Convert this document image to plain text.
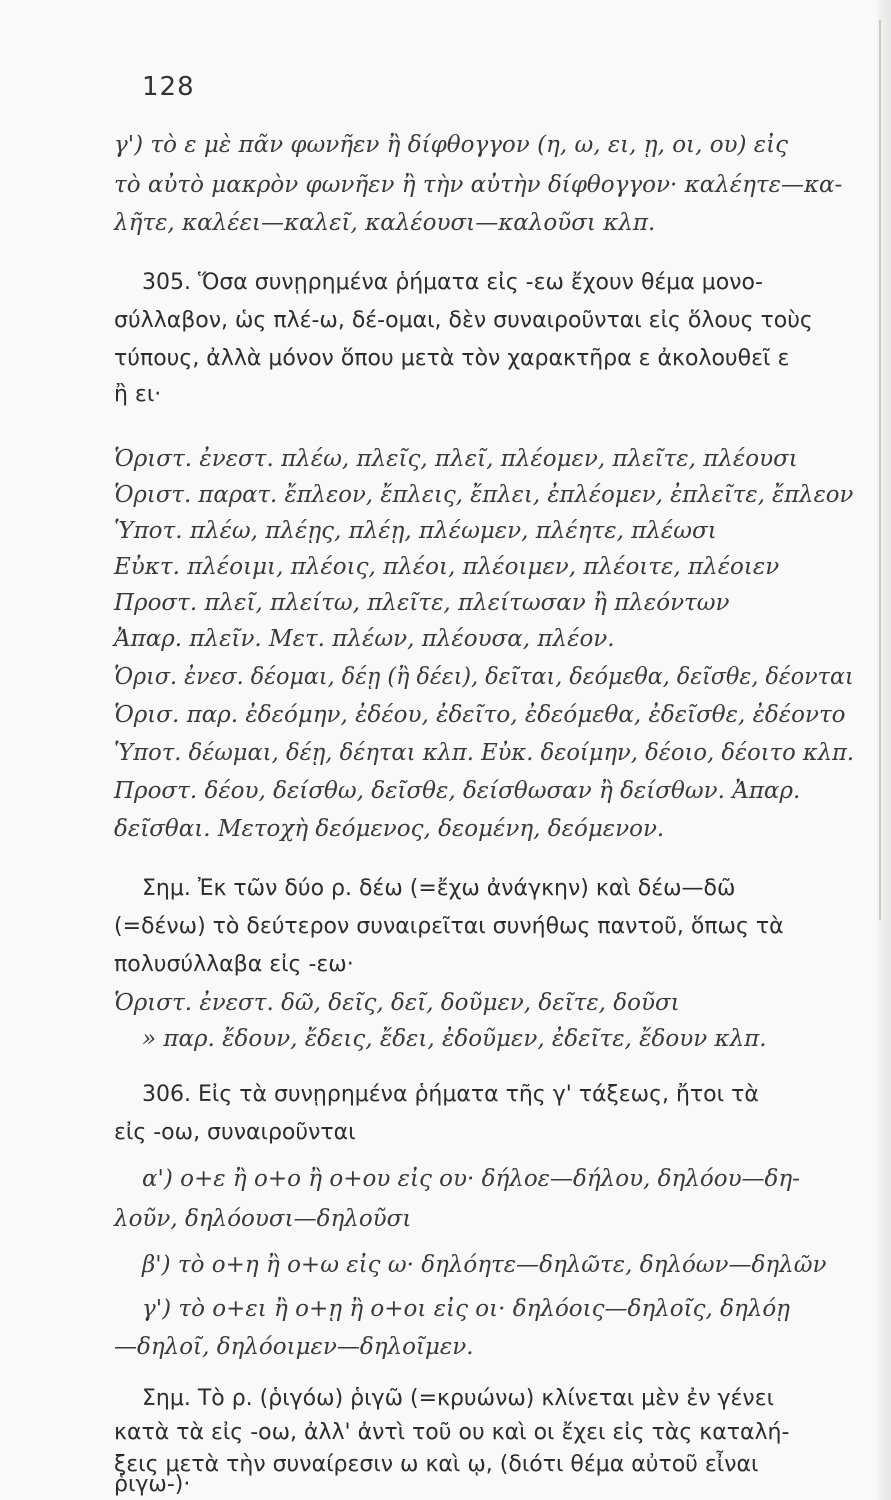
128
γ') τὸ ε μὲ πᾶν φωνῆεν ἢ δίφθογγον (η, ω, ει, ῃ, οι, ου) εἰς
τὸ αὐτὸ μακρὸν φωνῆεν ἢ τὴν αὐτὴν δίφθογγον· καλέητε—κα-
λῆτε, καλέει—καλεῖ, καλέουσι—καλοῦσι κλπ.
305. Ὅσα συνῃρημένα ῥήματα εἰς -εω ἔχουν θέμα μονο-
σύλλαβον, ὡς πλέ-ω, δέ-ομαι, δὲν συναιροῦνται εἰς ὅλους τοὺς
τύπους, ἀλλὰ μόνον ὅπου μετὰ τὸν χαρακτῆρα ε ἀκολουθεῖ ε
ἢ ει·
Ὁριστ. ἐνεστ. πλέω, πλεῖς, πλεῖ, πλέομεν, πλεῖτε, πλέουσι
Ὁριστ. παρατ. ἔπλεον, ἔπλεις, ἔπλει, ἐπλέομεν, ἐπλεῖτε, ἔπλεον
Ὑποτ. πλέω, πλέῃς, πλέῃ, πλέωμεν, πλέητε, πλέωσι
Εὐκτ. πλέοιμι, πλέοις, πλέοι, πλέοιμεν, πλέοιτε, πλέοιεν
Προστ. πλεῖ, πλείτω, πλεῖτε, πλείτωσαν ἢ πλεόντων
Ἀπαρ. πλεῖν. Μετ. πλέων, πλέουσα, πλέον.
Ὁρισ. ἐνεσ. δέομαι, δέῃ (ἢ δέει), δεῖται, δεόμεθα, δεῖσθε, δέονται
Ὁρισ. παρ. ἐδεόμην, ἐδέου, ἐδεῖτο, ἐδεόμεθα, ἐδεῖσθε, ἐδέοντο
Ὑποτ. δέωμαι, δέῃ, δέηται κλπ. Εὐκ. δεοίμην, δέοιο, δέοιτο κλπ.
Προστ. δέου, δείσθω, δεῖσθε, δείσθωσαν ἢ δείσθων. Ἀπαρ.
δεῖσθαι. Μετοχὴ δεόμενος, δεομένη, δεόμενον.
Σημ. Ἐκ τῶν δύο ρ. δέω (=ἔχω ἀνάγκην) καὶ δέω—δῶ
(=δένω) τὸ δεύτερον συναιρεῖται συνήθως παντοῦ, ὅπως τὰ
πολυσύλλαβα εἰς -εω·
Ὁριστ. ἐνεστ. δῶ, δεῖς, δεῖ, δοῦμεν, δεῖτε, δοῦσι
» παρ. ἔδουν, ἔδεις, ἔδει, ἐδοῦμεν, ἐδεῖτε, ἔδουν κλπ.
306. Εἰς τὰ συνῃρημένα ῥήματα τῆς γ' τάξεως, ἤτοι τὰ
εἰς -οω, συναιροῦνται
α') ο+ε ἢ ο+ο ἢ ο+ου εἰς ου· δήλοε—δήλου, δηλόου—δη-
λοῦν, δηλόουσι—δηλοῦσι
β') τὸ ο+η ἢ ο+ω εἰς ω· δηλόητε—δηλῶτε, δηλόων—δηλῶν
γ') τὸ ο+ει ἢ ο+ῃ ἢ ο+οι εἰς οι· δηλόοις—δηλοῖς, δηλόῃ
—δηλοῖ, δηλόοιμεν—δηλοῖμεν.
Σημ. Τὸ ρ. (ῥιγόω) ῥιγῶ (=κρυώνω) κλίνεται μὲν ἐν γένει
κατὰ τὰ εἰς -οω, ἀλλ' ἀντὶ τοῦ ου καὶ οι ἔχει εἰς τὰς καταλή-
ξεις μετὰ τὴν συναίρεσιν ω καὶ ῳ, (διότι θέμα αὐτοῦ εἶναι
ῥιγω-)·
